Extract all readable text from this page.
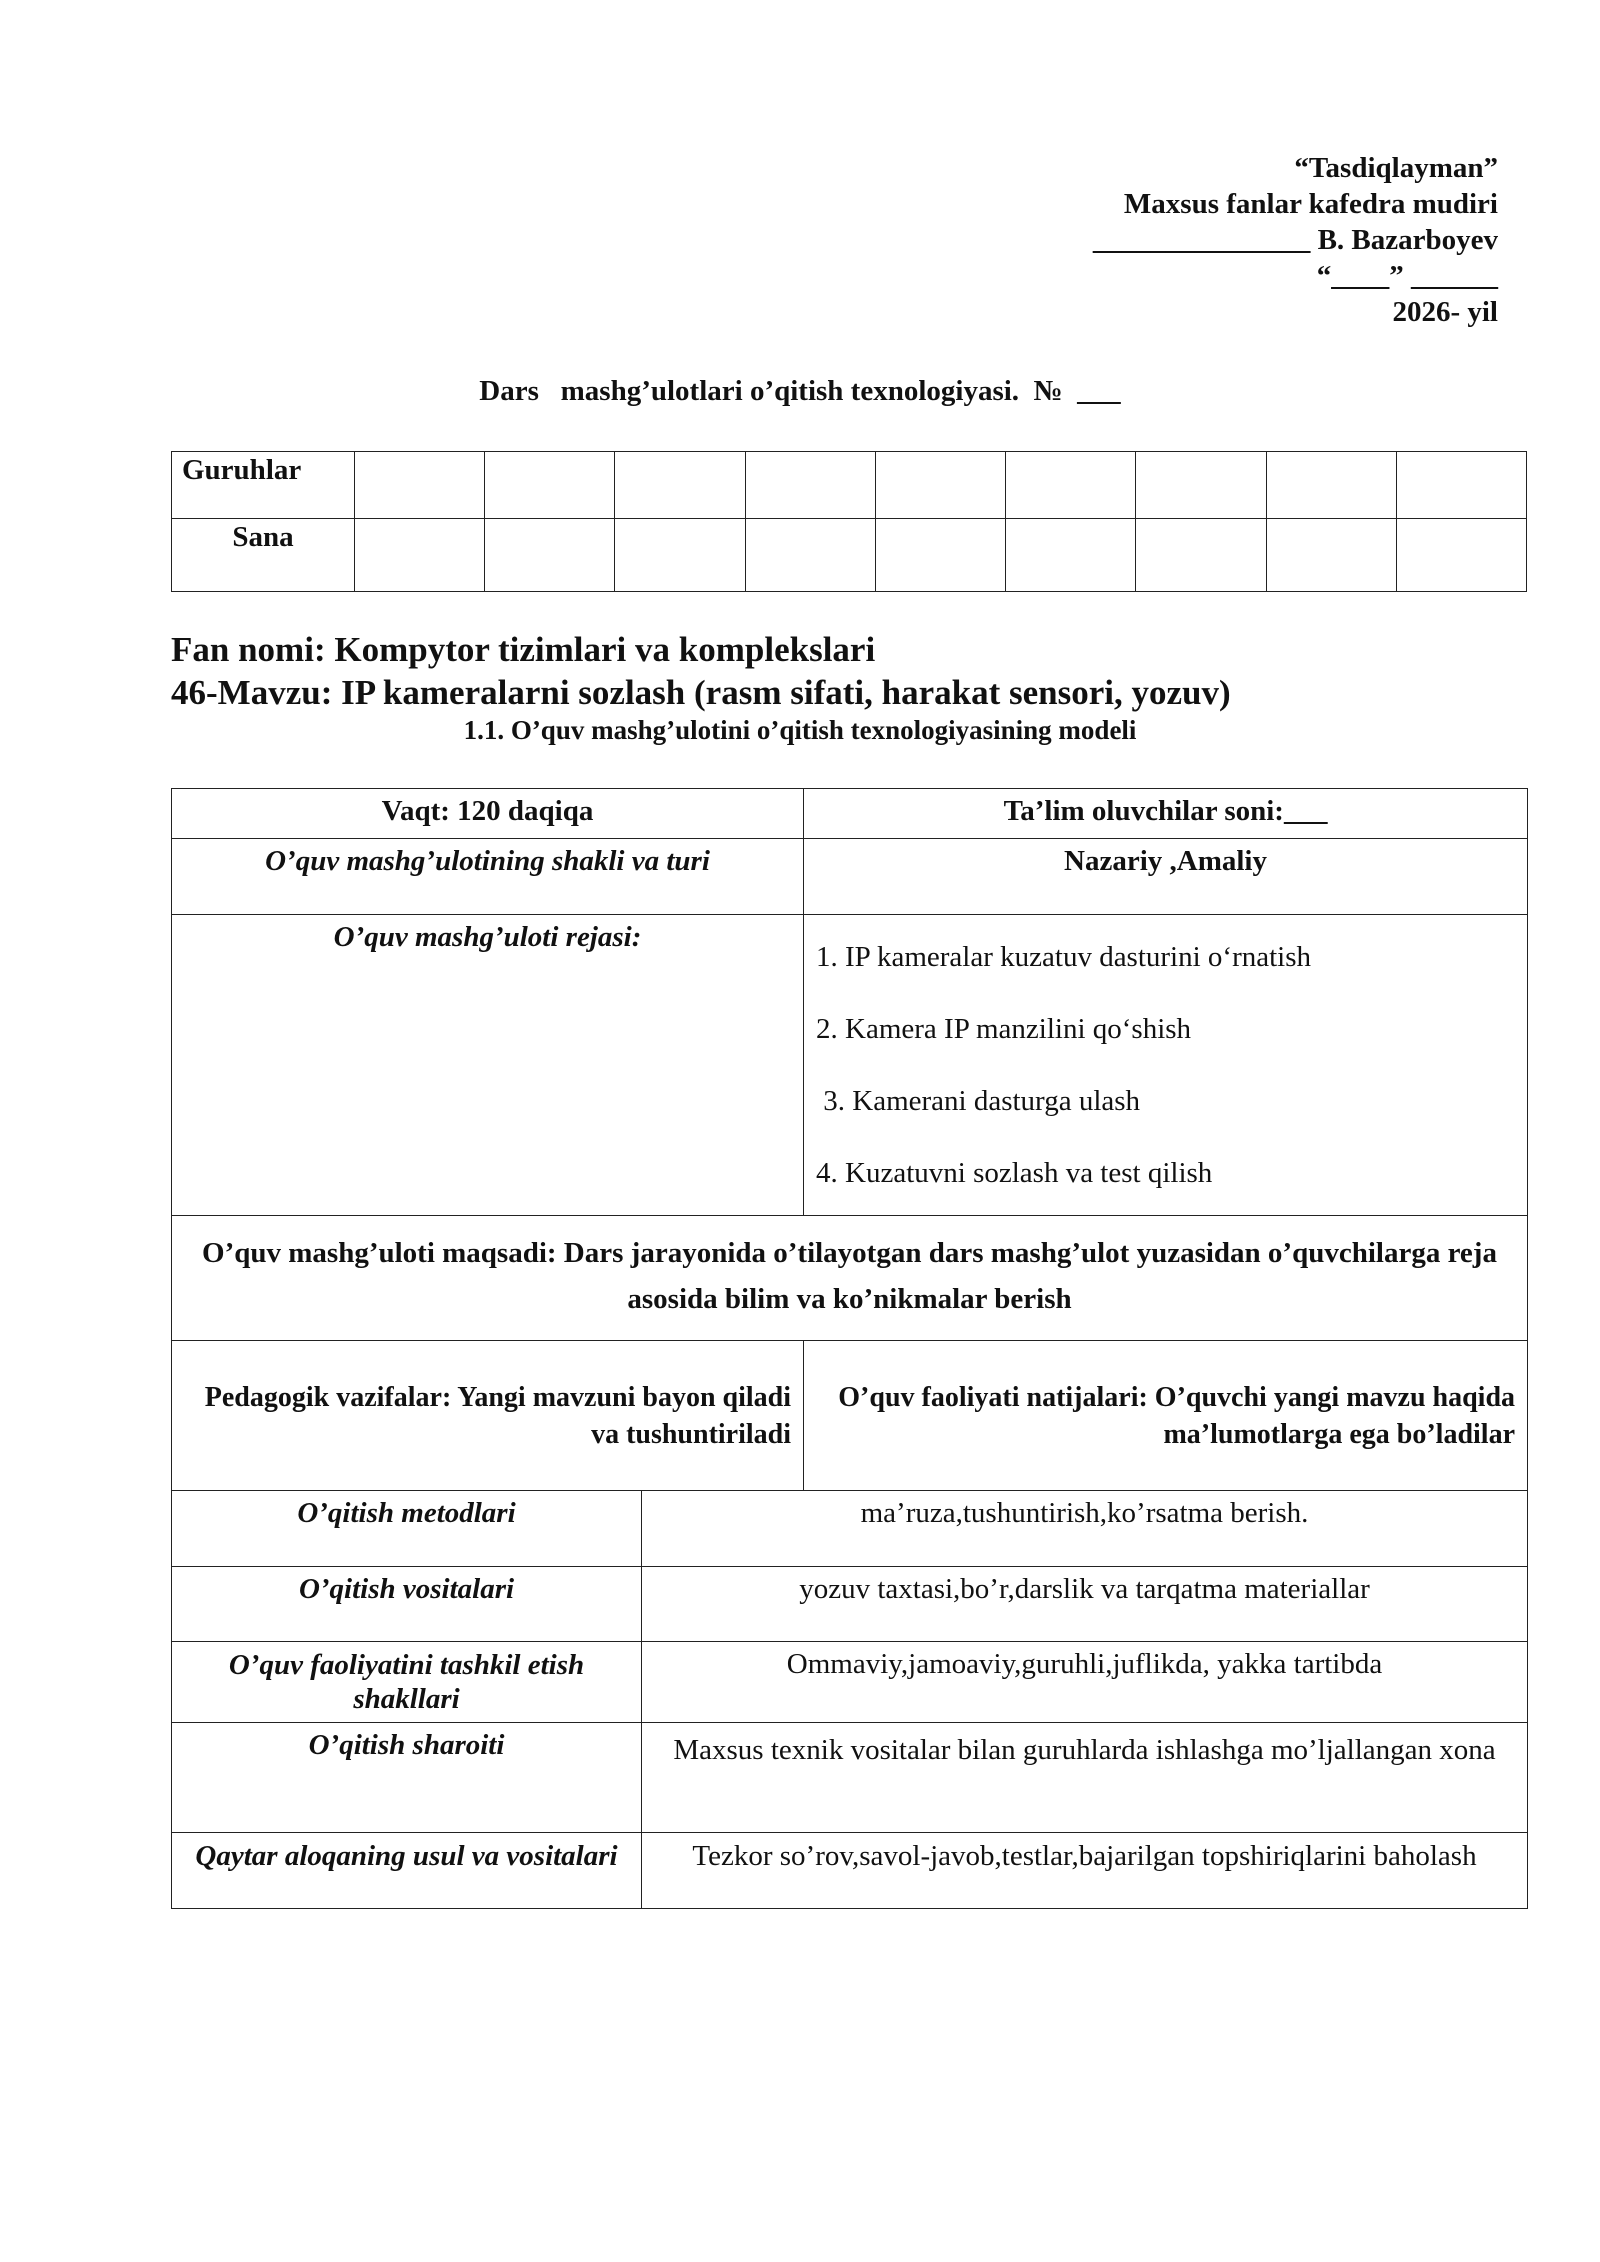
“Tasdiqlayman”
Maxsus fanlar kafedra mudiri
_______________ B. Bazarboyev
“____” ______
2026- yil
Dars   mashg’ulotlari o’qitish texnologiyasi.  №  ___
Guruhlar									
Sana									
Fan nomi: Kompytor tizimlari va komplekslari
46-Mavzu: IP kameralarni sozlash (rasm sifati, harakat sensori, yozuv)
1.1. O’quv mashg’ulotini o’qitish texnologiyasining modeli
Vaqt: 120 daqiqa		Ta’lim oluvchilar soni:___
O’quv mashg’ulotining shakli va turi		Nazariy ,Amaliy
O’quv mashg’uloti rejasi:		1. IP kameralar kuzatuv dasturini oʻrnatish
2. Kamera IP manzilini qoʻshish
3. Kamerani dasturga ulash
4. Kuzatuvni sozlash va test qilish

O’quv mashg’uloti maqsadi: Dars jarayonida o’tilayotgan dars mashg’ulot yuzasidan o’quvchilarga reja asosida bilim va ko’nikmalar berish		
Pedagogik vazifalar: Yangi mavzuni bayon qiladi va tushuntiriladi		O’quv faoliyati natijalari: O’quvchi yangi mavzu haqida ma’lumotlarga ega bo’ladilar
O’qitish metodlari	ma’ruza,tushuntirish,ko’rsatma berish.	
O’qitish vositalari	yozuv taxtasi,bo’r,darslik va tarqatma materiallar	
O’quv faoliyatini tashkil etish shakllari	Ommaviy,jamoaviy,guruhli,juflikda, yakka tartibda	
O’qitish sharoiti	Maxsus texnik vositalar bilan guruhlarda ishlashga mo’ljallangan xona	
Qaytar aloqaning usul va vositalari	Tezkor so’rov,savol-javob,testlar,bajarilgan topshiriqlarini baholash	
